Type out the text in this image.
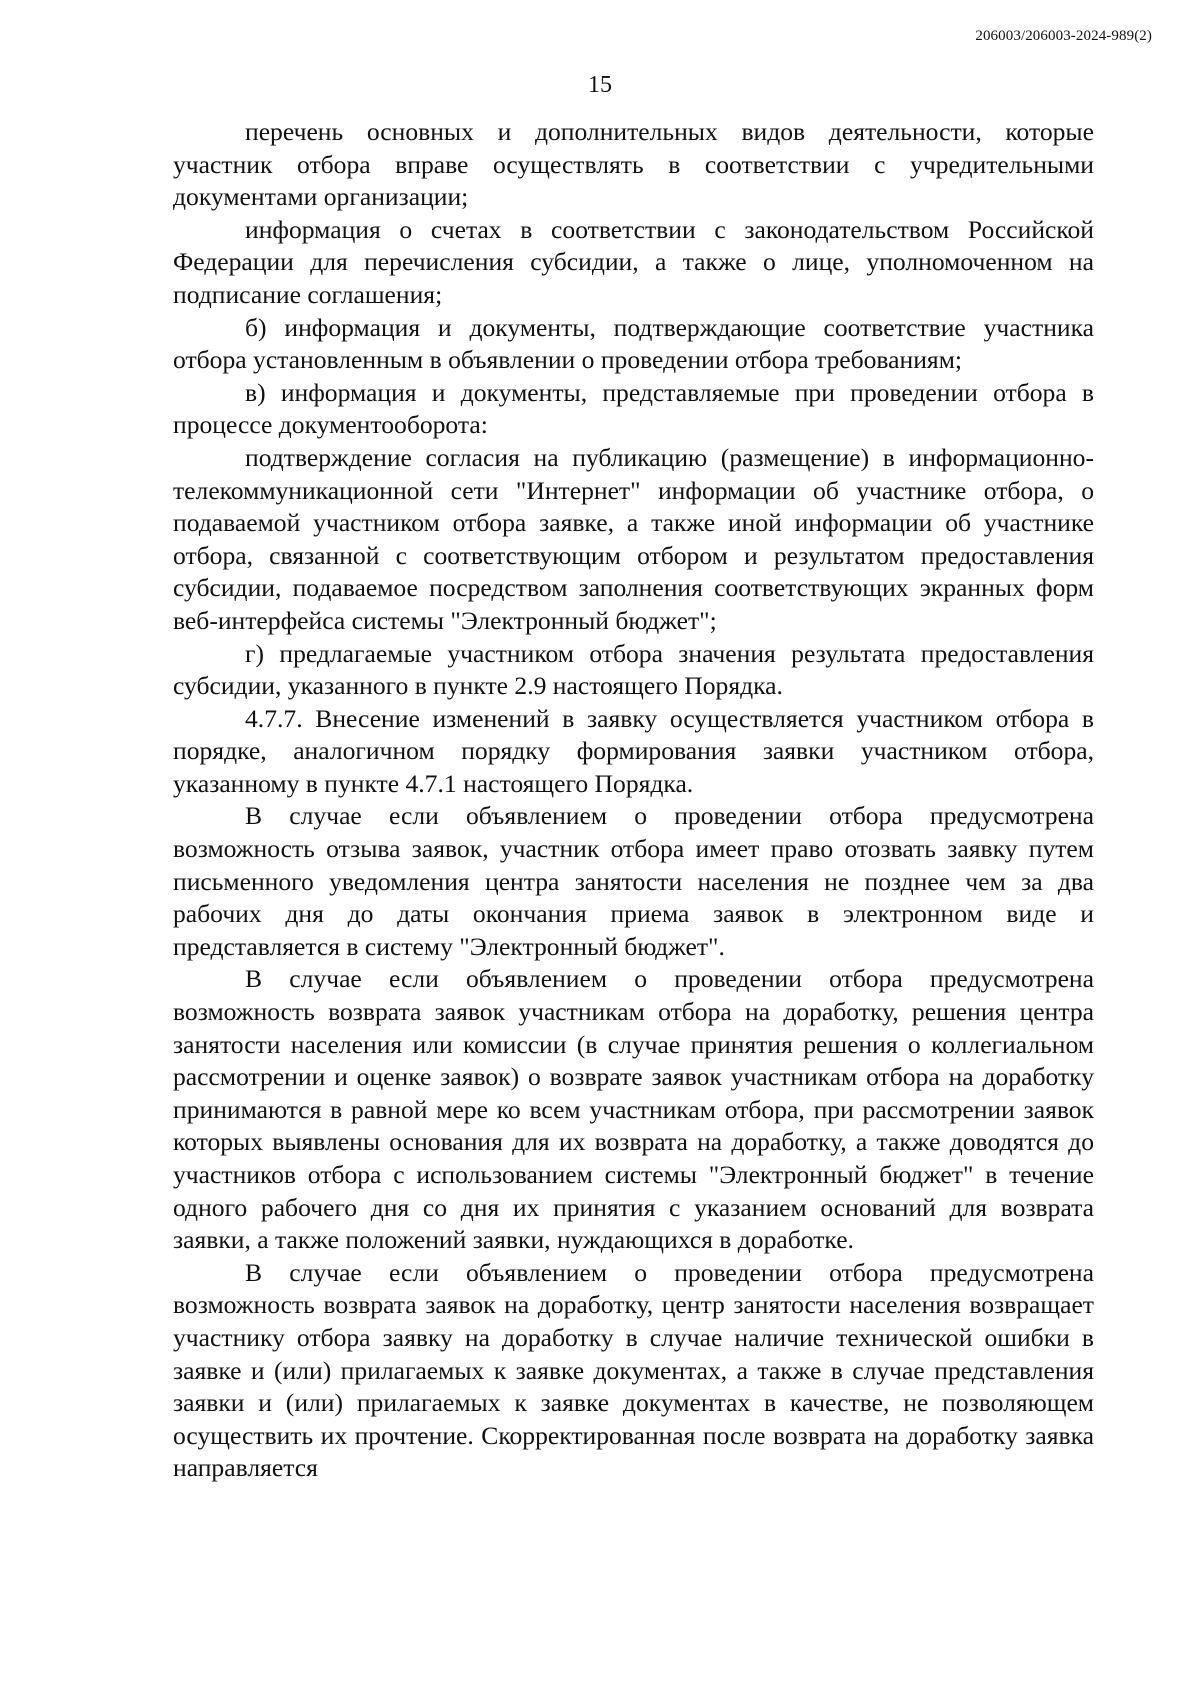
206003/206003-2024-989(2)
15

перечень основных и дополнительных видов деятельности, которые участник отбора вправе осуществлять в соответствии с учредительными документами организации;

информация о счетах в соответствии с законодательством Российской Федерации для перечисления субсидии, а также о лице, уполномоченном на подписание соглашения;

б) информация и документы, подтверждающие соответствие участника отбора установленным в объявлении о проведении отбора требованиям;

в) информация и документы, представляемые при проведении отбора в процессе документооборота:

подтверждение согласия на публикацию (размещение) в информационно-телекоммуникационной сети "Интернет" информации об участнике отбора, о подаваемой участником отбора заявке, а также иной информации об участнике отбора, связанной с соответствующим отбором и результатом предоставления субсидии, подаваемое посредством заполнения соответствующих экранных форм веб-интерфейса системы "Электронный бюджет";

г) предлагаемые участником отбора значения результата предоставления субсидии, указанного в пункте 2.9 настоящего Порядка.

4.7.7. Внесение изменений в заявку осуществляется участником отбора в порядке, аналогичном порядку формирования заявки участником отбора, указанному в пункте 4.7.1 настоящего Порядка.

В случае если объявлением о проведении отбора предусмотрена возможность отзыва заявок, участник отбора имеет право отозвать заявку путем письменного уведомления центра занятости населения не позднее чем за два рабочих дня до даты окончания приема заявок в электронном виде и представляется в систему "Электронный бюджет".

В случае если объявлением о проведении отбора предусмотрена возможность возврата заявок участникам отбора на доработку, решения центра занятости населения или комиссии (в случае принятия решения о коллегиальном рассмотрении и оценке заявок) о возврате заявок участникам отбора на доработку принимаются в равной мере ко всем участникам отбора, при рассмотрении заявок которых выявлены основания для их возврата на доработку, а также доводятся до участников отбора с использованием системы "Электронный бюджет" в течение одного рабочего дня со дня их принятия с указанием оснований для возврата заявки, а также положений заявки, нуждающихся в доработке.

В случае если объявлением о проведении отбора предусмотрена возможность возврата заявок на доработку, центр занятости населения возвращает участнику отбора заявку на доработку в случае наличие технической ошибки в заявке и (или) прилагаемых к заявке документах, а также в случае представления заявки и (или) прилагаемых к заявке документах в качестве, не позволяющем осуществить их прочтение. Скорректированная после возврата на доработку заявка направляется
